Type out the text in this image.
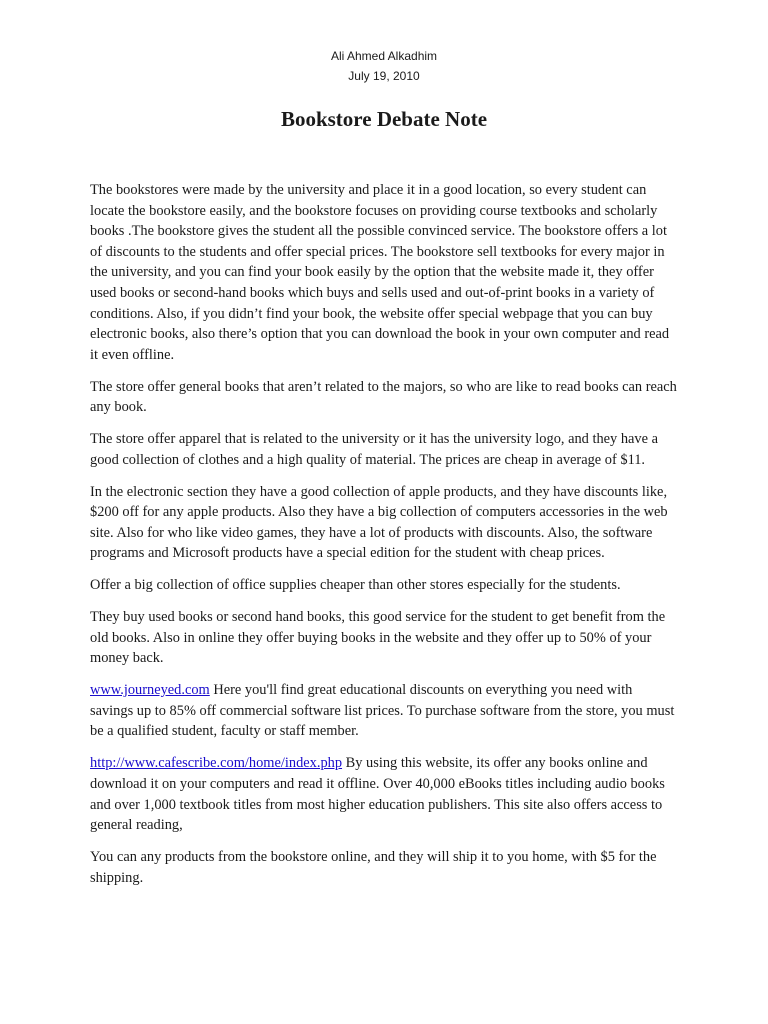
Ali Ahmed Alkadhim
July 19, 2010
Bookstore Debate Note

The bookstores were made by the university and place it in a good location, so every student can locate the bookstore easily, and the bookstore focuses on providing course textbooks and scholarly books .The bookstore gives the student all the possible convinced service. The bookstore offers a lot of discounts to the students and offer special prices. The bookstore sell textbooks for every major in the university, and you can find your book easily by the option that the website made it, they offer used books or second-hand books which buys and sells used and out-of-print books in a variety of conditions. Also, if you didn’t find your book, the website offer special webpage that you can buy electronic books, also there’s option that you can download the book in your own computer and read it even offline.

The store offer general books that aren’t related to the majors, so who are like to read books can reach any book.

The store offer apparel that is related to the university or it has the university logo, and they have a good collection of clothes and a high quality of material. The prices are cheap in average of $11.

In the electronic section they have a good collection of apple products, and they have discounts like, $200 off for any apple products. Also they have a big collection of computers accessories in the web site. Also for who like video games, they have a lot of products with discounts. Also, the software programs and Microsoft products have a special edition for the student with cheap prices.

Offer a big collection of office supplies cheaper than other stores especially for the students.

They buy used books or second hand books, this good service for the student to get benefit from the old books. Also in online they offer buying books in the website and they offer up to 50% of your money back.

www.journeyed.com Here you'll find great educational discounts on everything you need with savings up to 85% off commercial software list prices. To purchase software from the store, you must be a qualified student, faculty or staff member.

http://www.cafescribe.com/home/index.php By using this website, its offer any books online and download it on your computers and read it offline. Over 40,000 eBooks titles including audio books and over 1,000 textbook titles from most higher education publishers. This site also offers access to general reading,

You can any products from the bookstore online, and they will ship it to you home, with $5 for the shipping.
